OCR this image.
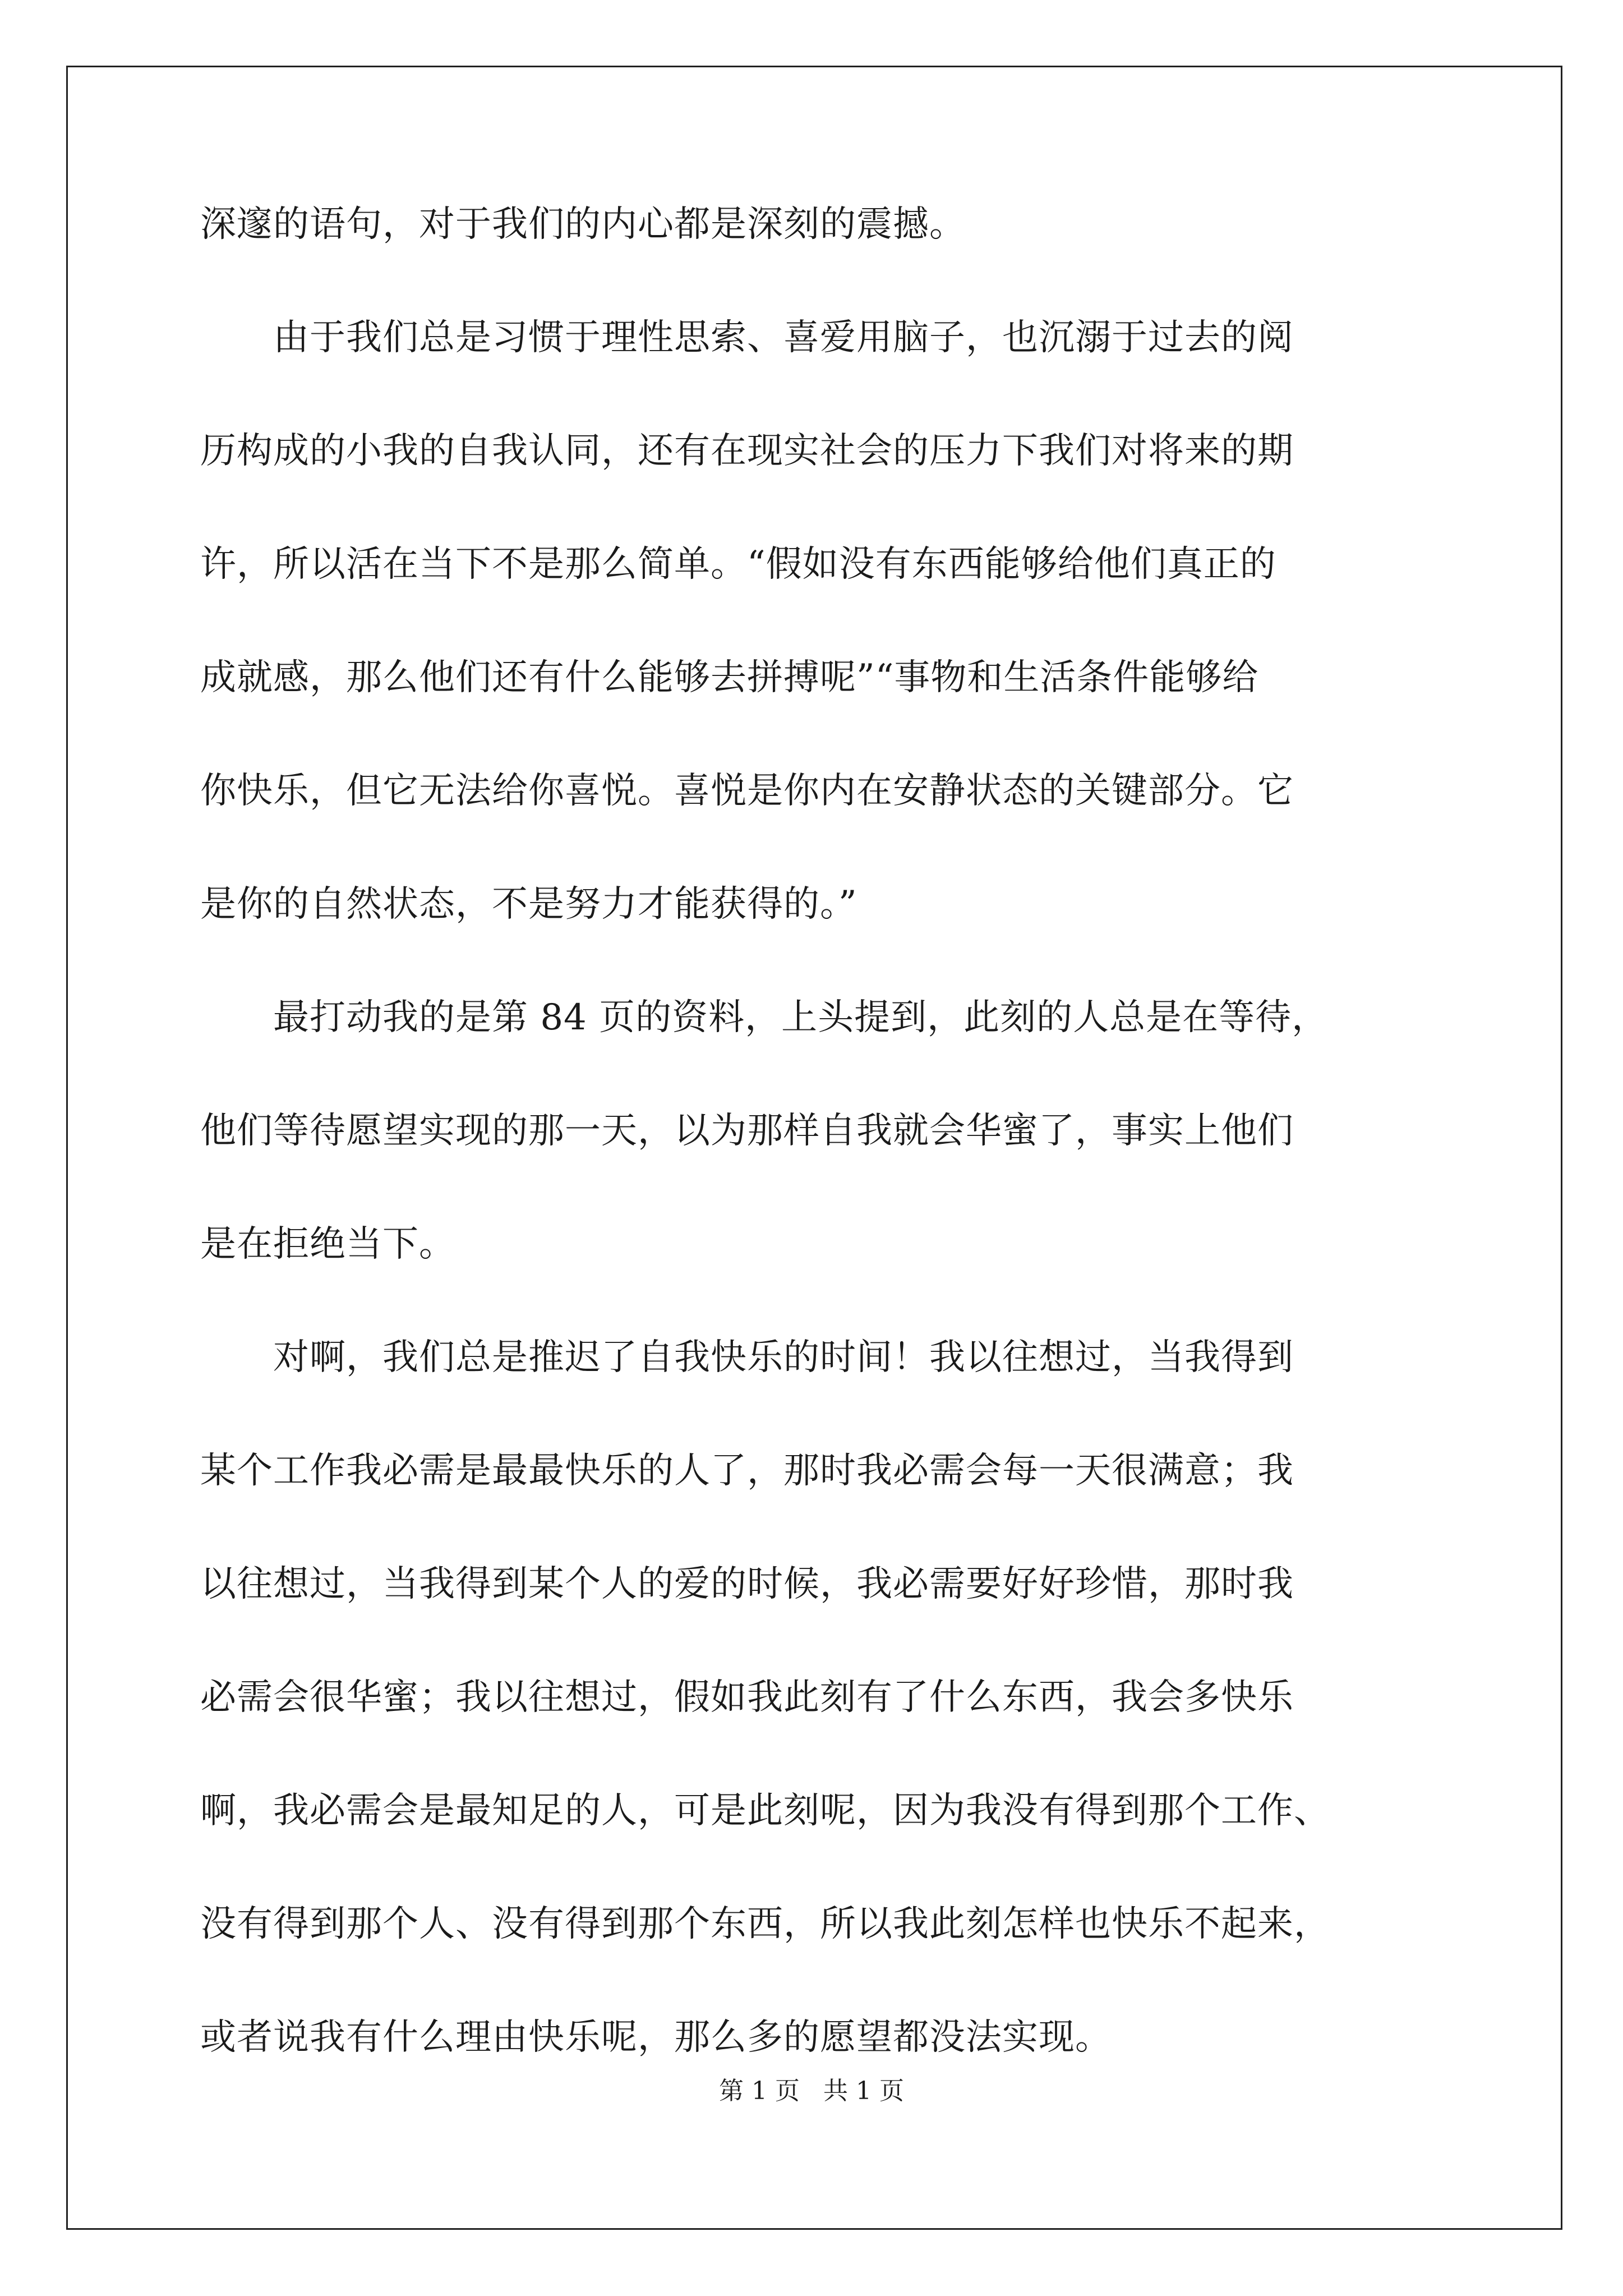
深邃的语句，对于我们的内心都是深刻的震撼。
　　由于我们总是习惯于理性思索、喜爱用脑子，也沉溺于过去的阅
历构成的小我的自我认同，还有在现实社会的压力下我们对将来的期
许，所以活在当下不是那么简单。“假如没有东西能够给他们真正的
成就感，那么他们还有什么能够去拼搏呢”“事物和生活条件能够给
你快乐，但它无法给你喜悦。喜悦是你内在安静状态的关键部分。它
是你的自然状态，不是努力才能获得的。”
　　最打动我的是第 84 页的资料，上头提到，此刻的人总是在等待，
他们等待愿望实现的那一天，以为那样自我就会华蜜了，事实上他们
是在拒绝当下。
　　对啊，我们总是推迟了自我快乐的时间！我以往想过，当我得到
某个工作我必需是最最快乐的人了，那时我必需会每一天很满意；我
以往想过，当我得到某个人的爱的时候，我必需要好好珍惜，那时我
必需会很华蜜；我以往想过，假如我此刻有了什么东西，我会多快乐
啊，我必需会是最知足的人，可是此刻呢，因为我没有得到那个工作、
没有得到那个人、没有得到那个东西，所以我此刻怎样也快乐不起来，
或者说我有什么理由快乐呢，那么多的愿望都没法实现。
第 1 页 共 1 页
